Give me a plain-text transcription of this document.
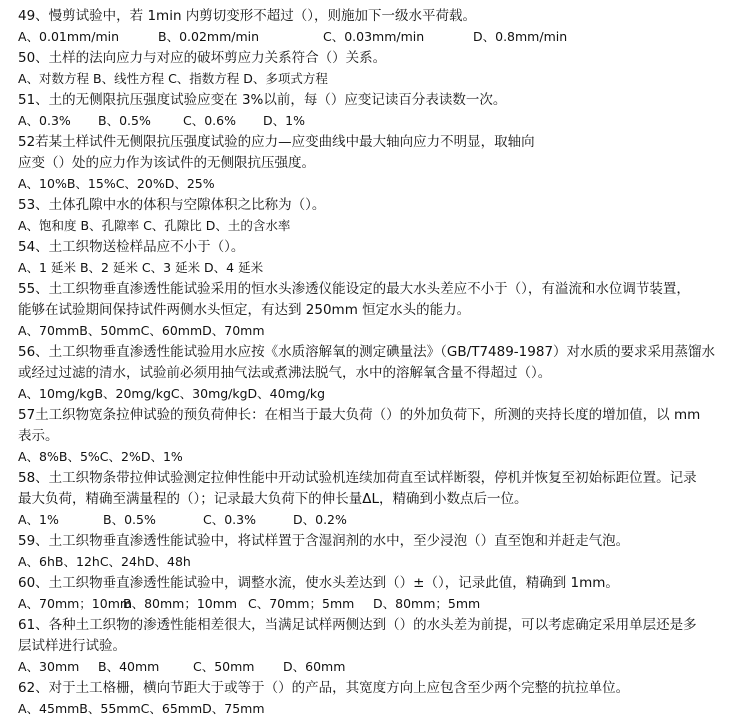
49、慢剪试验中，若 1min 内剪切变形不超过（），则施加下一级水平荷载。
A、0.01mm/min	B、0.02mm/min	C、0.03mm/min	D、0.8mm/min
50、土样的法向应力与对应的破坏剪应力关系符合（）关系。
A、对数方程 B、线性方程 C、指数方程 D、多项式方程
51、土的无侧限抗压强度试验应变在 3%以前，每（）应变记读百分表读数一次。
A、0.3% B、0.5%	C、0.6% D、1%
52若某土样试件无侧限抗压强度试验的应力—应变曲线中最大轴向应力不明显，取轴向
应变（）处的应力作为该试件的无侧限抗压强度。
A、10%B、15%C、20%D、25%
53、土体孔隙中水的体积与空隙体积之比称为（）。
A、饱和度 B、孔隙率 C、孔隙比 D、土的含水率
54、土工织物送检样品应不小于（）。
A、1 延米 B、2 延米 C、3 延米 D、4 延米
55、土工织物垂直渗透性能试验采用的恒水头渗透仪能设定的最大水头差应不小于（），有溢流和水位调节装置，
能够在试验期间保持试件两侧水头恒定，有达到 250mm 恒定水头的能力。
A、70mmB、50mmC、60mmD、70mm
56、土工织物垂直渗透性能试验用水应按《水质溶解氧的测定碘量法》（GB/T7489-1987）对水质的要求采用蒸馏水
或经过过滤的清水，试验前必须用抽气法或煮沸法脱气，水中的溶解氧含量不得超过（）。
A、10mg/kgB、20mg/kgC、30mg/kgD、40mg/kg
57土工织物宽条拉伸试验的预负荷伸长：在相当于最大负荷（）的外加负荷下，所测的夹持长度的增加值，以 mm
表示。
A、8%B、5%C、2%D、1%
58、土工织物条带拉伸试验测定拉伸性能中开动试验机连续加荷直至试样断裂，停机并恢复至初始标距位置。记录
最大负荷，精确至满量程的（）；记录最大负荷下的伸长量ΔL，精确到小数点后一位。
A、1%	B、0.5%	C、0.3%	D、0.2%
59、土工织物垂直渗透性能试验中，将试样置于含湿润剂的水中，至少浸泡（）直至饱和并赶走气泡。
A、6hB、12hC、24hD、48h
60、土工织物垂直渗透性能试验中，调整水流，使水头差达到（）±（），记录此值，精确到 1mm。
A、70mm；10mm
B、80mm；10mm C、70mm；5mm D、80mm；5mm
61、各种土工织物的渗透性能相差很大，当满足试样两侧达到（）的水头差为前提，可以考虑确定采用单层还是多
层试样进行试验。
A、30mm B、40mm	C、50mm D、60mm
62、对于土工格栅，横向节距大于或等于（）的产品，其宽度方向上应包含至少两个完整的抗拉单位。
A、45mmB、55mmC、65mmD、75mm
